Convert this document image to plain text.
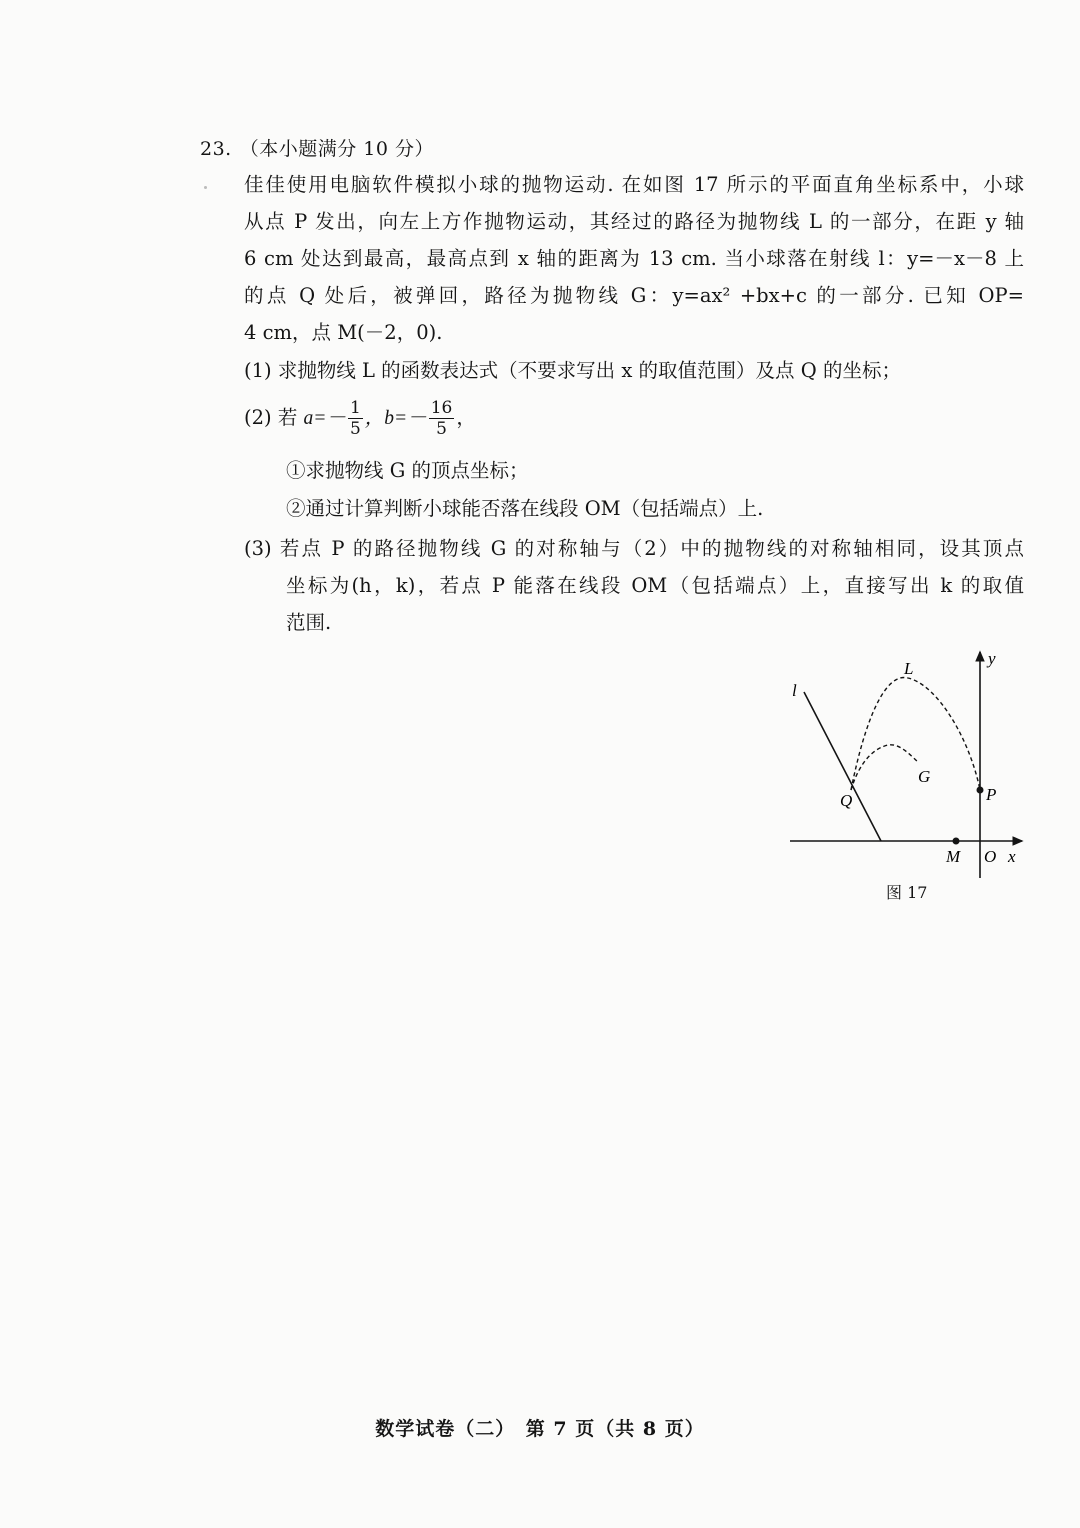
23. （本小题满分 10 分）
佳佳使用电脑软件模拟小球的抛物运动. 在如图 17 所示的平面直角坐标系中，小球
从点 P 发出，向左上方作抛物运动，其经过的路径为抛物线 L 的一部分，在距 y 轴
6 cm 处达到最高，最高点到 x 轴的距离为 13 cm. 当小球落在射线 l：y=－x－8 上
的点 Q 处后，被弹回，路径为抛物线 G：y=ax² +bx+c 的一部分. 已知 OP=
4 cm，点 M(－2，0).
(1) 求抛物线 L 的函数表达式（不要求写出 x 的取值范围）及点 Q 的坐标；
(2) 若 $a=- \frac{1}{5}$ ，$b=- \frac{16}{5}$ ，
①求抛物线 G 的顶点坐标；
②通过计算判断小球能否落在线段 OM（包括端点）上.
(3) 若点 P 的路径抛物线 G 的对称轴与（2）中的抛物线的对称轴相同，设其顶点
坐标为(h，k)，若点 P 能落在线段 OM（包括端点）上，直接写出 k 的取值
范围.
l
L
G
Q	P
M O x
y
图 17
数学试卷（二）　第 7 页（共 8 页）
